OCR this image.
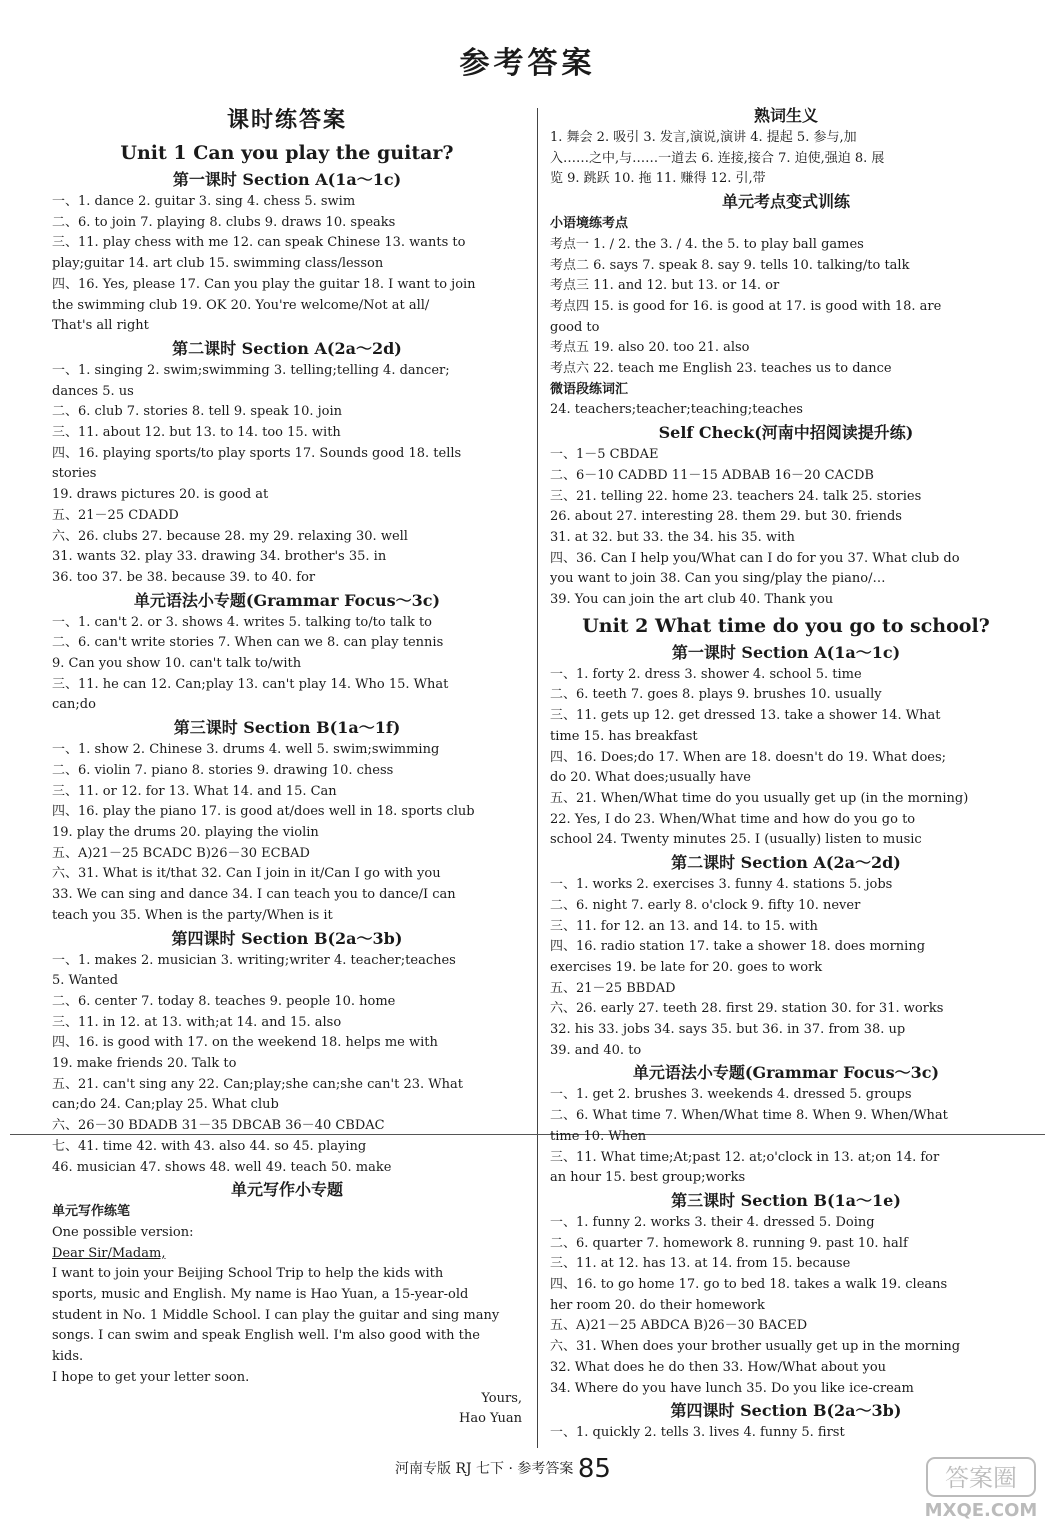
参考答案
课时练答案
Unit 1 Can you play the guitar?
第一课时 Section A(1a～1c)
一、1. dance 2. guitar 3. sing 4. chess 5. swim
二、6. to join 7. playing 8. clubs 9. draws 10. speaks
三、11. play chess with me 12. can speak Chinese 13. wants to
play;guitar 14. art club 15. swimming class/lesson
四、16. Yes, please 17. Can you play the guitar 18. I want to join
the swimming club 19. OK 20. You're welcome/Not at all/
That's all right
第二课时 Section A(2a～2d)
一、1. singing 2. swim;swimming 3. telling;telling 4. dancer;
dances 5. us
二、6. club 7. stories 8. tell 9. speak 10. join
三、11. about 12. but 13. to 14. too 15. with
四、16. playing sports/to play sports 17. Sounds good 18. tells
stories
19. draws pictures 20. is good at
五、21－25 CDADD
六、26. clubs 27. because 28. my 29. relaxing 30. well
31. wants 32. play 33. drawing 34. brother's 35. in
36. too 37. be 38. because 39. to 40. for
单元语法小专题(Grammar Focus～3c)
一、1. can't 2. or 3. shows 4. writes 5. talking to/to talk to
二、6. can't write stories 7. When can we 8. can play tennis
9. Can you show 10. can't talk to/with
三、11. he can 12. Can;play 13. can't play 14. Who 15. What
can;do
第三课时 Section B(1a～1f)
一、1. show 2. Chinese 3. drums 4. well 5. swim;swimming
二、6. violin 7. piano 8. stories 9. drawing 10. chess
三、11. or 12. for 13. What 14. and 15. Can
四、16. play the piano 17. is good at/does well in 18. sports club
19. play the drums 20. playing the violin
五、A)21－25 BCADC B)26－30 ECBAD
六、31. What is it/that 32. Can I join in it/Can I go with you
33. We can sing and dance 34. I can teach you to dance/I can
teach you 35. When is the party/When is it
第四课时 Section B(2a～3b)
一、1. makes 2. musician 3. writing;writer 4. teacher;teaches
5. Wanted
二、6. center 7. today 8. teaches 9. people 10. home
三、11. in 12. at 13. with;at 14. and 15. also
四、16. is good with 17. on the weekend 18. helps me with
19. make friends 20. Talk to
五、21. can't sing any 22. Can;play;she can;she can't 23. What
can;do 24. Can;play 25. What club
六、26－30 BDADB 31－35 DBCAB 36－40 CBDAC
七、41. time 42. with 43. also 44. so 45. playing
46. musician 47. shows 48. well 49. teach 50. make
单元写作小专题
单元写作练笔
One possible version:
Dear Sir/Madam,
I want to join your Beijing School Trip to help the kids with
sports, music and English. My name is Hao Yuan, a 15-year-old
student in No. 1 Middle School. I can play the guitar and sing many
songs. I can swim and speak English well. I'm also good with the
kids.
I hope to get your letter soon.
Yours,
Hao Yuan
熟词生义
1. 舞会 2. 吸引 3. 发言,演说,演讲 4. 提起 5. 参与,加
入……之中,与……一道去 6. 连接,接合 7. 迫使,强迫 8. 展
览 9. 跳跃 10. 拖 11. 赚得 12. 引,带
单元考点变式训练
小语境练考点
考点一 1. / 2. the 3. / 4. the 5. to play ball games
考点二 6. says 7. speak 8. say 9. tells 10. talking/to talk
考点三 11. and 12. but 13. or 14. or
考点四 15. is good for 16. is good at 17. is good with 18. are
good to
考点五 19. also 20. too 21. also
考点六 22. teach me English 23. teaches us to dance
微语段练词汇
24. teachers;teacher;teaching;teaches
Self Check(河南中招阅读提升练)
一、1－5 CBDAE
二、6－10 CADBD 11－15 ADBAB 16－20 CACDB
三、21. telling 22. home 23. teachers 24. talk 25. stories
26. about 27. interesting 28. them 29. but 30. friends
31. at 32. but 33. the 34. his 35. with
四、36. Can I help you/What can I do for you 37. What club do
you want to join 38. Can you sing/play the piano/…
39. You can join the art club 40. Thank you
Unit 2 What time do you go to school?
第一课时 Section A(1a～1c)
一、1. forty 2. dress 3. shower 4. school 5. time
二、6. teeth 7. goes 8. plays 9. brushes 10. usually
三、11. gets up 12. get dressed 13. take a shower 14. What
time 15. has breakfast
四、16. Does;do 17. When are 18. doesn't do 19. What does;
do 20. What does;usually have
五、21. When/What time do you usually get up (in the morning)
22. Yes, I do 23. When/What time and how do you go to
school 24. Twenty minutes 25. I (usually) listen to music
第二课时 Section A(2a～2d)
一、1. works 2. exercises 3. funny 4. stations 5. jobs
二、6. night 7. early 8. o'clock 9. fifty 10. never
三、11. for 12. an 13. and 14. to 15. with
四、16. radio station 17. take a shower 18. does morning
exercises 19. be late for 20. goes to work
五、21－25 BBDAD
六、26. early 27. teeth 28. first 29. station 30. for 31. works
32. his 33. jobs 34. says 35. but 36. in 37. from 38. up
39. and 40. to
单元语法小专题(Grammar Focus～3c)
一、1. get 2. brushes 3. weekends 4. dressed 5. groups
二、6. What time 7. When/What time 8. When 9. When/What
time 10. When
三、11. What time;At;past 12. at;o'clock in 13. at;on 14. for
an hour 15. best group;works
第三课时 Section B(1a～1e)
一、1. funny 2. works 3. their 4. dressed 5. Doing
二、6. quarter 7. homework 8. running 9. past 10. half
三、11. at 12. has 13. at 14. from 15. because
四、16. to go home 17. go to bed 18. takes a walk 19. cleans
her room 20. do their homework
五、A)21－25 ABDCA B)26－30 BACED
六、31. When does your brother usually get up in the morning
32. What does he do then 33. How/What about you
34. Where do you have lunch 35. Do you like ice-cream
第四课时 Section B(2a～3b)
一、1. quickly 2. tells 3. lives 4. funny 5. first
河南专版 RJ 七下 · 参考答案 85	答案圈
MXQE.COM
